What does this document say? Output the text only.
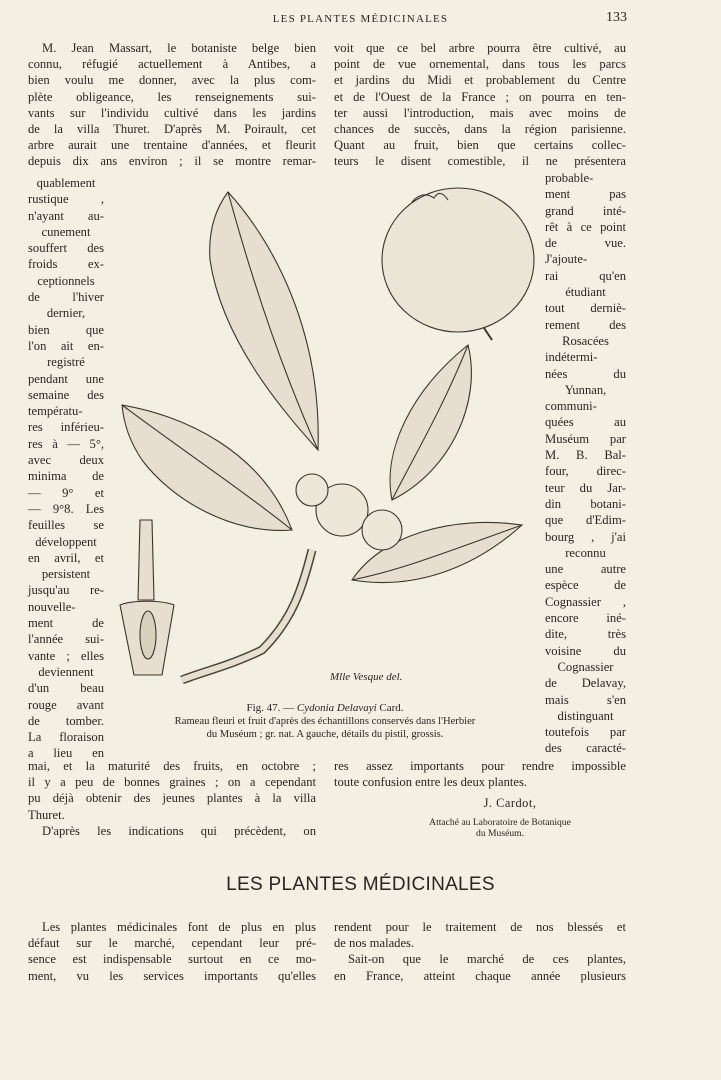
LES PLANTES MÉDICINALES	133

M. Jean Massart, le botaniste belge bien

connu, réfugié actuellement à Antibes, a

bien voulu me donner, avec la plus com-

plète obligeance, les renseignements sui-

vants sur l'individu cultivé dans les jardins

de la villa Thuret. D'après M. Poirault, cet

arbre aurait une trentaine d'années, et fleurit

depuis dix ans environ ; il se montre remar-

voit que ce bel arbre pourra être cultivé, au

point de vue ornemental, dans tous les parcs

et jardins du Midi et probablement du Centre

et de l'Ouest de la France ; on pourra en ten-

ter aussi l'introduction, mais avec moins de

chances de succès, dans la région parisienne.

Quant au fruit, bien que certains collec-

teurs le disent comestible, il ne présentera

quablement
rustique ,
n'ayant au-
cunement
souffert des
froids ex-
ceptionnels
de l'hiver
dernier,
bien que
l'on ait en-
registré
pendant une
semaine des
températu-
res inférieu-
res à — 5°,
avec deux
minima de
— 9° et
— 9°8. Les
feuilles se
développent
en avril, et
persistent
jusqu'au re-
nouvelle-
ment de
l'année sui-
vante ; elles
deviennent
d'un beau
rouge avant
de tomber.
La floraison
a lieu en
probable-
ment pas
grand inté-
rêt à ce point
de vue.
J'ajoute-
rai qu'en
étudiant
tout derniè-
rement des
Rosacées
indétermi-
nées du
Yunnan,
communi-
quées au
Muséum par
M. B. Bal-
four, direc-
teur du Jar-
din botani-
que d'Edim-
bourg , j'ai
reconnu
une autre
espèce de
Cognassier ,
encore iné-
dite, très
voisine du
Cognassier
de Delavay,
mais s'en
distinguant
toutefois par
des caracté-
Mlle Vesque del.
Fig. 47. — Cydonia Delavayi Card.
Rameau fleuri et fruit d'après des échantillons conservés dans l'Herbier
du Muséum ; gr. nat. A gauche, détails du pistil, grossis.

mai, et la maturité des fruits, en octobre ;

il y a peu de bonnes graines ; on a cependant

pu déjà obtenir des jeunes plantes à la villa

Thuret.

D'après les indications qui précèdent, on

res assez importants pour rendre impossible

toute confusion entre les deux plantes.

J. Cardot,
Attaché au Laboratoire de Botanique
du Muséum.
LES PLANTES MÉDICINALES

Les plantes médicinales font de plus en plus

défaut sur le marché, cependant leur pré-

sence est indispensable surtout en ce mo-

ment, vu les services importants qu'elles

rendent pour le traitement de nos blessés et

de nos malades.

Sait-on que le marché de ces plantes,

en France, atteint chaque année plusieurs
